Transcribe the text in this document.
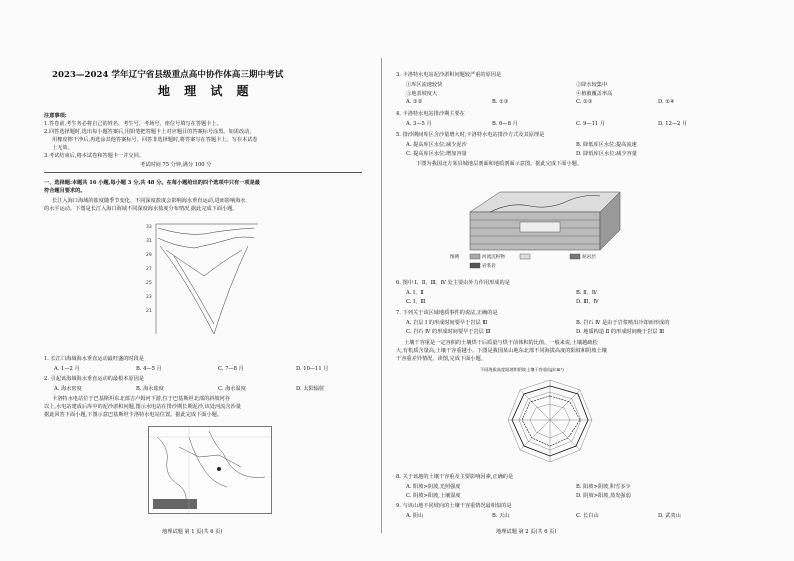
2023—2024 学年辽宁省县级重点高中协作体高三期中考试
地 理 试 题
注意事项:
1.答卷前,考生务必将自己的姓名、考生号、考场号、座位号填写在答题卡上。
2.回答选择题时,选出每小题答案后,用铅笔把答题卡上对应题目的答案标号涂黑。如需改动,
用橡皮擦干净后,再选涂其他答案标号。回答非选择题时,将答案写在答题卡上。写在本试卷
上无效。
3.考试结束后,将本试卷和答题卡一并交回。
考试时间 75 分钟,满分 100 分
一、选择题:本题共 16 小题,每小题 3 分,共 48 分。在每小题给出的四个选项中只有一项是最
符合题目要求的。
长江入海口海域的盐度随季节变化。不同深度盐度会影响海水垂直运动,进而影响海水
的水平运动。下图是长江入海口海域不同深度海水盐度分布情况,据此完成下面小题。
33
31
29
27
25
23
21
1. 长江口海域海水垂直运动最旺盛的时段是
A. 1—2 月	B. 4—5 月	C. 7—8 月	D. 10—11 月
2. 引起该海域海水垂直运动的最根本原因是
A. 海水密度	B. 海水盐度	C. 海水温度	D. 太阳辐射
卡洛特水电站位于巴基斯坦东北部吉卢姆河下游,位于巴基斯坦北部的斜坡河谷
以上,水电站建成后库中的泥沙淤积问题,图示水电站在排沙期长期泥沙,该处河流含沙量
据此回答下面小题,下图示意巴基斯坦卡洛特水电站位置。据此完成下面小题。
地理试题 第 1 页(共 6 页)
3. 卡洛特水电站泥沙淤积问题较严重的原因是
①库区流速较快	②降水较集中
③地表坡度大	④植被覆盖率高
A. ①②	B. ①③	C. ②③	D. ②④
4. 卡洛特水电站排沙期主要在
A. 3—5 月	B. 6—8 月	C. 9—11 月	D. 12—2 月
5. 排沙期间库区含沙量增大时,卡洛特水电站排沙方式及其原理是
A. 提高库区水位;减少泥沙	B. 降低库区水位;提高流速
C. 提高库区水位;增加容量	D. 降低库区水位;减少容量
下图为我国北方某县城地层剖面和地质剖面示意图。据此完成下面小题。
图例	河流沉积物	泥岩层
岩浆岩
6. 图中 Ⅰ、Ⅱ、Ⅲ、Ⅳ 处主要由外力作用形成的是
A. Ⅰ、Ⅱ	B. Ⅱ、Ⅳ
C. Ⅰ、Ⅲ	D. Ⅲ、Ⅳ
7. 下列关于该区域地质事件的说法,正确的是
A. 岩层 Ⅰ 的形成时间要早于岩层 Ⅲ	B. 岩石 Ⅳ 是由于岩浆喷出冷却而形成的
C. 岩石 Ⅳ 的形成时间要早于岩层 Ⅲ	D. 地质构造 Ⅱ 的形成时间晚于岩层 Ⅲ
土壤干容重是一定容积的土壤烘干后质量与烘干前体积的比值。一般来说,土壤越疏松
大,有机质含量高,土壤干容重越小。下图是我国某山地东北部不同海拔高度的阳坡和阴坡土壤
干容重差异情况。读图,完成下面小题。
不同海拔高度阳坡和阴坡土壤干容重/(g/cm³)
8. 关于该地的土壤干容重及主要影响因素,正确的是
A. 阳坡>阴坡,光照强度	B. 阳坡>阴坡,积雪多少
C. 阴坡>阳坡,土壤湿度	D. 阴坡>阳坡,蒸发强弱
9. 与该山地不同坡向的土壤干容重情况最相似的是
A. 阴山	B. 天山	C. 长白山	D. 武夷山
地理试题 第 2 页(共 6 页)
